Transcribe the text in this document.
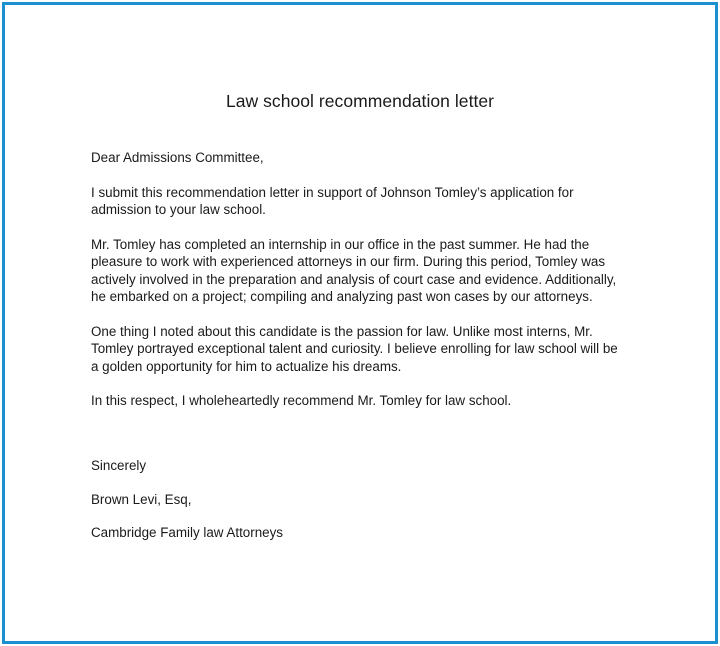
Law school recommendation letter

Dear Admissions Committee,

I submit this recommendation letter in support of Johnson Tomley’s application for
admission to your law school.

Mr. Tomley has completed an internship in our office in the past summer. He had the
pleasure to work with experienced attorneys in our firm. During this period, Tomley was
actively involved in the preparation and analysis of court case and evidence. Additionally,
he embarked on a project; compiling and analyzing past won cases by our attorneys.

One thing I noted about this candidate is the passion for law. Unlike most interns, Mr.
Tomley portrayed exceptional talent and curiosity. I believe enrolling for law school will be
a golden opportunity for him to actualize his dreams.

In this respect, I wholeheartedly recommend Mr. Tomley for law school.

Sincerely

Brown Levi, Esq,

Cambridge Family law Attorneys
